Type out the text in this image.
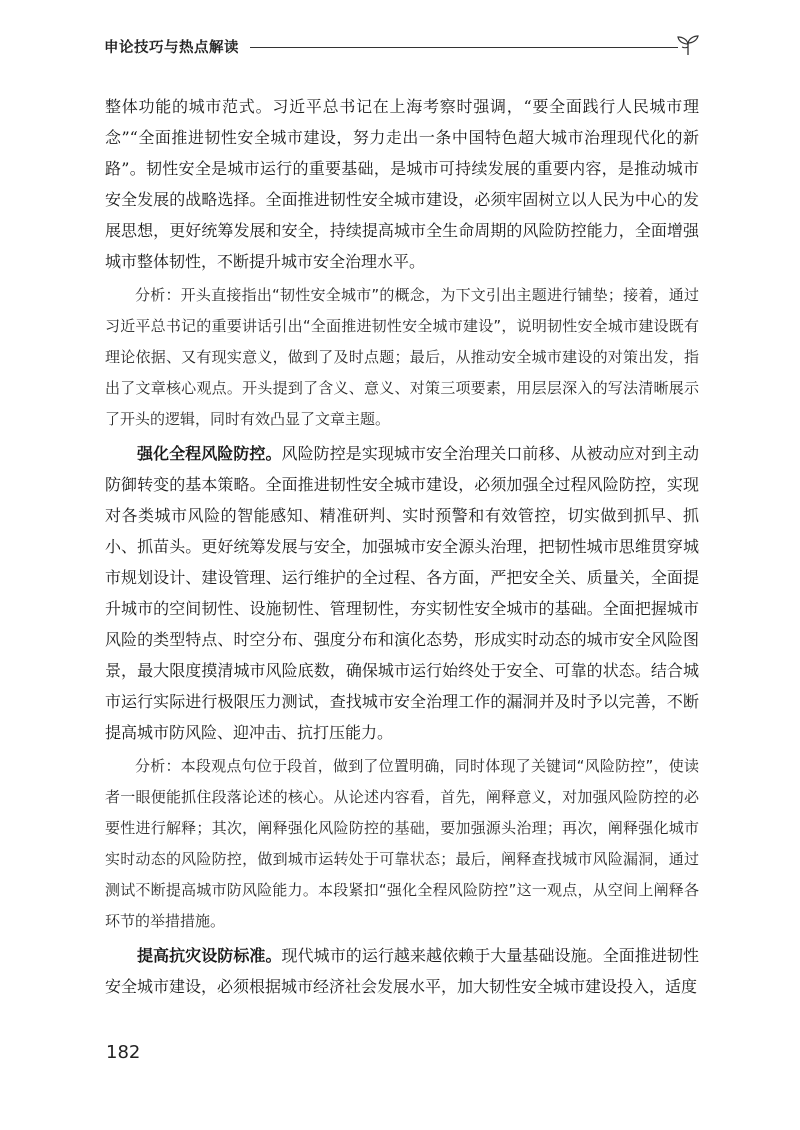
申论技巧与热点解读

整体功能的城市范式。习近平总书记在上海考察时强调，“要全面践行人民城市理念”“全面推进韧性安全城市建设，努力走出一条中国特色超大城市治理现代化的新路”。韧性安全是城市运行的重要基础，是城市可持续发展的重要内容，是推动城市安全发展的战略选择。全面推进韧性安全城市建设，必须牢固树立以人民为中心的发展思想，更好统筹发展和安全，持续提高城市全生命周期的风险防控能力，全面增强城市整体韧性，不断提升城市安全治理水平。

分析：开头直接指出“韧性安全城市”的概念，为下文引出主题进行铺垫；接着，通过习近平总书记的重要讲话引出“全面推进韧性安全城市建设”，说明韧性安全城市建设既有理论依据、又有现实意义，做到了及时点题；最后，从推动安全城市建设的对策出发，指出了文章核心观点。开头提到了含义、意义、对策三项要素，用层层深入的写法清晰展示了开头的逻辑，同时有效凸显了文章主题。

强化全程风险防控。风险防控是实现城市安全治理关口前移、从被动应对到主动防御转变的基本策略。全面推进韧性安全城市建设，必须加强全过程风险防控，实现对各类城市风险的智能感知、精准研判、实时预警和有效管控，切实做到抓早、抓小、抓苗头。更好统筹发展与安全，加强城市安全源头治理，把韧性城市思维贯穿城市规划设计、建设管理、运行维护的全过程、各方面，严把安全关、质量关，全面提升城市的空间韧性、设施韧性、管理韧性，夯实韧性安全城市的基础。全面把握城市风险的类型特点、时空分布、强度分布和演化态势，形成实时动态的城市安全风险图景，最大限度摸清城市风险底数，确保城市运行始终处于安全、可靠的状态。结合城市运行实际进行极限压力测试，查找城市安全治理工作的漏洞并及时予以完善，不断提高城市防风险、迎冲击、抗打压能力。

分析：本段观点句位于段首，做到了位置明确，同时体现了关键词“风险防控”，使读者一眼便能抓住段落论述的核心。从论述内容看，首先，阐释意义，对加强风险防控的必要性进行解释；其次，阐释强化风险防控的基础，要加强源头治理；再次，阐释强化城市实时动态的风险防控，做到城市运转处于可靠状态；最后，阐释查找城市风险漏洞，通过测试不断提高城市防风险能力。本段紧扣“强化全程风险防控”这一观点，从空间上阐释各环节的举措措施。

提高抗灾设防标准。现代城市的运行越来越依赖于大量基础设施。全面推进韧性安全城市建设，必须根据城市经济社会发展水平，加大韧性安全城市建设投入，适度

182
